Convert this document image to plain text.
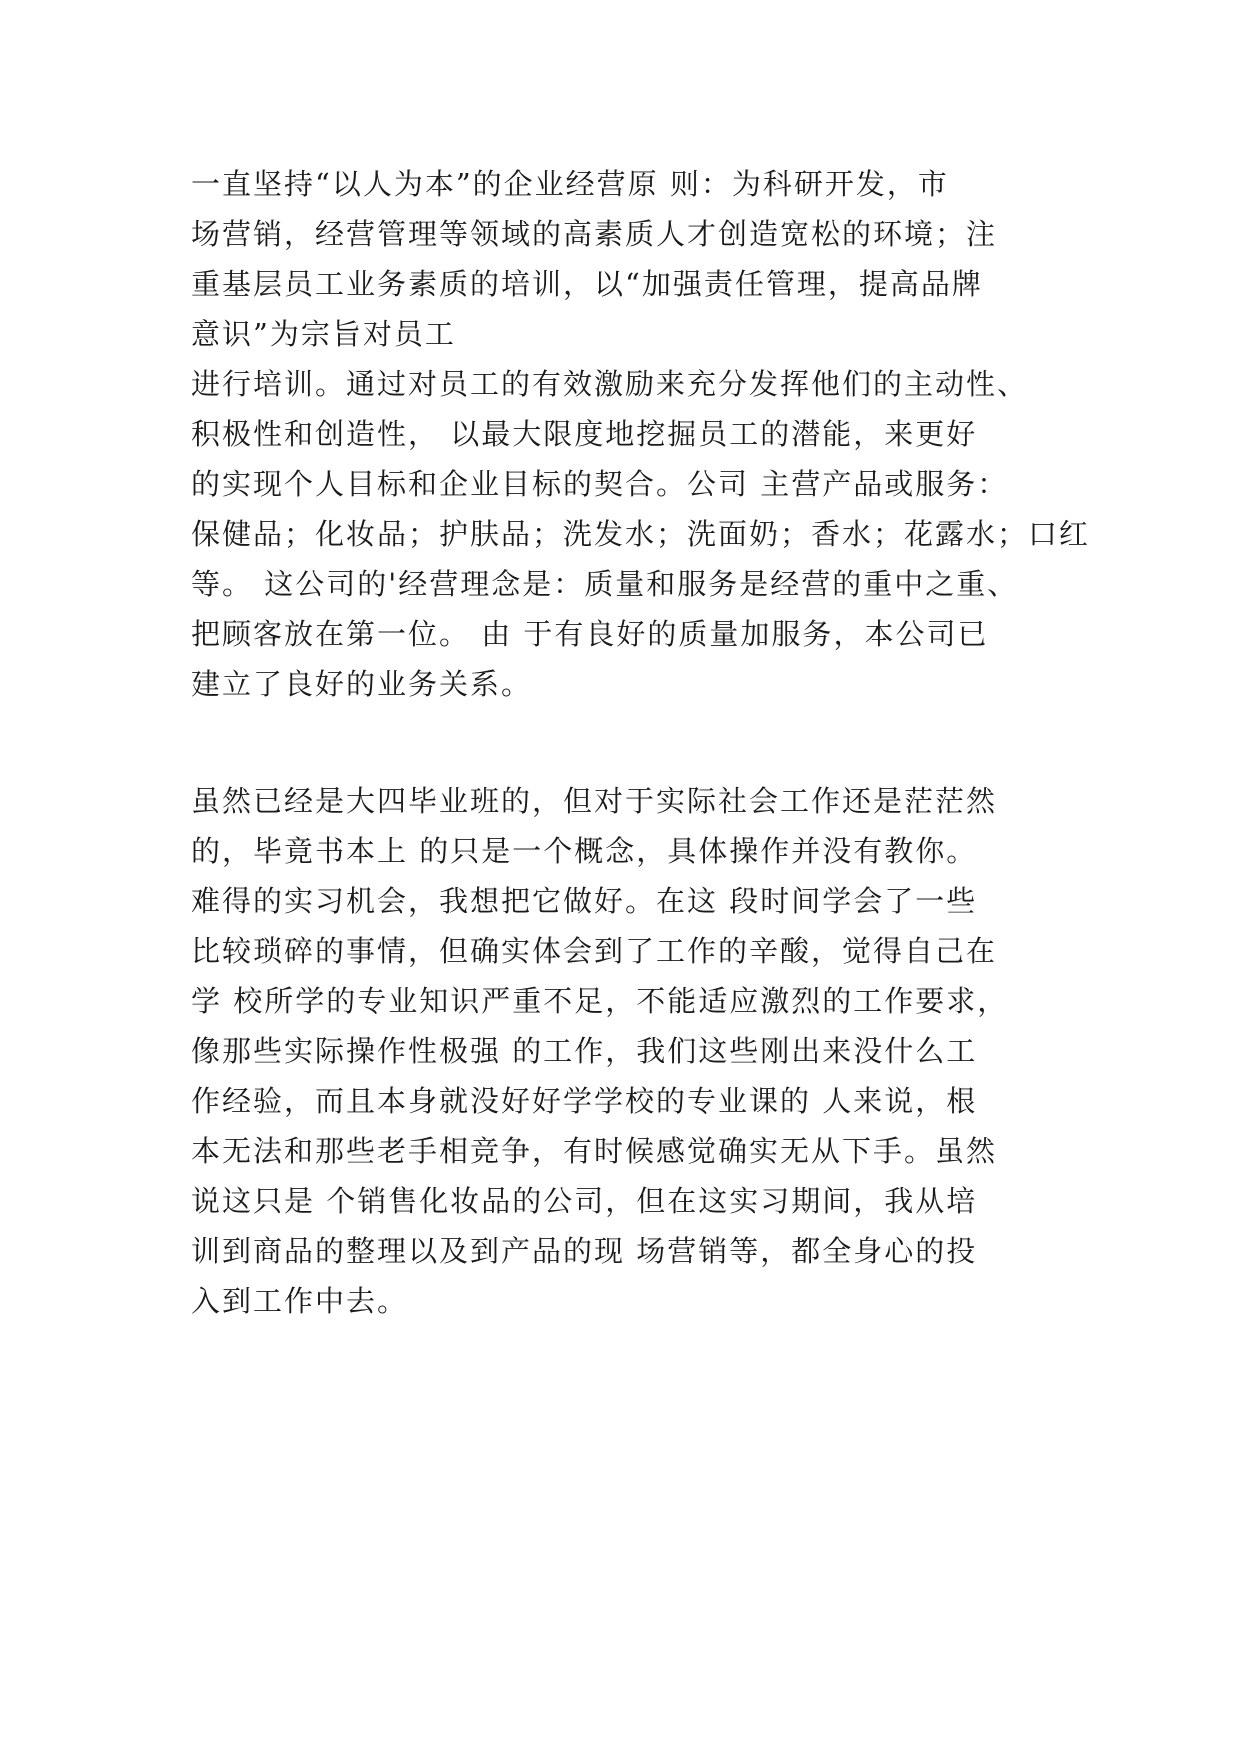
一直坚持“以人为本”的企业经营原 则：为科研开发，市
场营销，经营管理等领域的高素质人才创造宽松的环境；注
重基层员工业务素质的培训，以“加强责任管理，提高品牌
意识”为宗旨对员工
进行培训。通过对员工的有效激励来充分发挥他们的主动性、
积极性和创造性， 以最大限度地挖掘员工的潜能，来更好
的实现个人目标和企业目标的契合。公司 主营产品或服务：
保健品；化妆品；护肤品；洗发水；洗面奶；香水；花露水；口红
等。 这公司的'经营理念是：质量和服务是经营的重中之重、
把顾客放在第一位。 由 于有良好的质量加服务，本公司已
建立了良好的业务关系。
虽然已经是大四毕业班的，但对于实际社会工作还是茫茫然
的，毕竟书本上 的只是一个概念，具体操作并没有教你。
难得的实习机会，我想把它做好。在这 段时间学会了一些
比较琐碎的事情，但确实体会到了工作的辛酸，觉得自己在
学 校所学的专业知识严重不足，不能适应激烈的工作要求，
像那些实际操作性极强 的工作，我们这些刚出来没什么工
作经验，而且本身就没好好学学校的专业课的 人来说，根
本无法和那些老手相竞争，有时候感觉确实无从下手。虽然
说这只是 个销售化妆品的公司，但在这实习期间，我从培
训到商品的整理以及到产品的现 场营销等，都全身心的投
入到工作中去。
